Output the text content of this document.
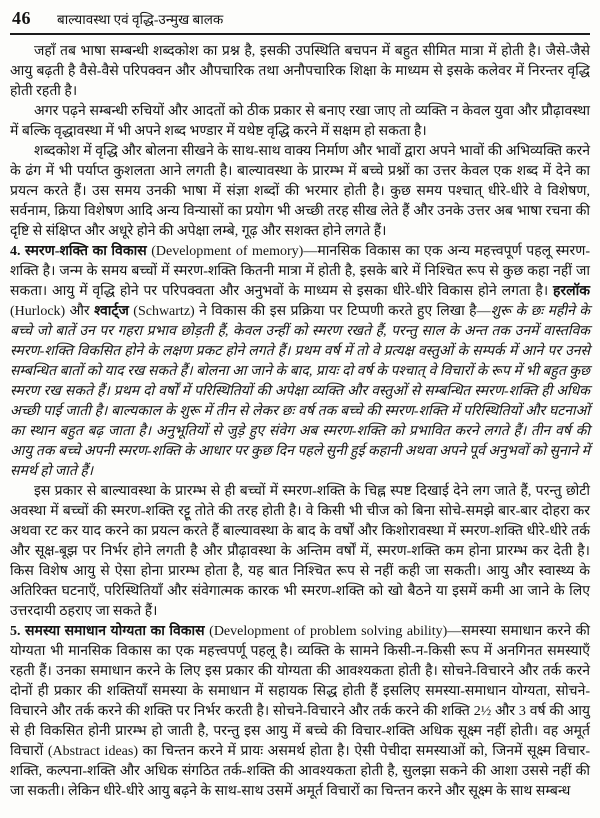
46 बाल्यावस्था एवं वृद्धि-उन्मुख बालक

जहाँ तब भाषा सम्बन्धी शब्दकोश का प्रश्न है, इसकी उपस्थिति बचपन में बहुत सीमित मात्रा में होती है। जैसे-जैसे आयु बढ़ती है वैसे-वैसे परिपक्वन और औपचारिक तथा अनौपचारिक शिक्षा के माध्यम से इसके कलेवर में निरन्तर वृद्धि होती रहती है।

अगर पढ़ने सम्बन्धी रुचियों और आदतों को ठीक प्रकार से बनाए रखा जाए तो व्यक्ति न केवल युवा और प्रौढ़ावस्था में बल्कि वृद्धावस्था में भी अपने शब्द भण्डार में यथेष्ट वृद्धि करने में सक्षम हो सकता है।

शब्दकोश में वृद्धि और बोलना सीखने के साथ-साथ वाक्य निर्माण और भावों द्वारा अपने भावों की अभिव्यक्ति करने के ढंग में भी पर्याप्त कुशलता आने लगती है। बाल्यावस्था के प्रारम्भ में बच्चे प्रश्नों का उत्तर केवल एक शब्द में देने का प्रयत्न करते हैं। उस समय उनकी भाषा में संज्ञा शब्दों की भरमार होती है। कुछ समय पश्चात् धीरे-धीरे वे विशेषण, सर्वनाम, क्रिया विशेषण आदि अन्य विन्यासों का प्रयोग भी अच्छी तरह सीख लेते हैं और उनके उत्तर अब भाषा रचना की दृष्टि से संक्षिप्त और अधूरे होने की अपेक्षा लम्बे, गूढ़ और सशक्त होने लगते हैं।

4. स्मरण-शक्ति का विकास (Development of memory)—मानसिक विकास का एक अन्य महत्त्वपूर्ण पहलू स्मरण-शक्ति है। जन्म के समय बच्चों में स्मरण-शक्ति कितनी मात्रा में होती है, इसके बारे में निश्चित रूप से कुछ कहा नहीं जा सकता। आयु में वृद्धि होने पर परिपक्वता और अनुभवों के माध्यम से इसका धीरे-धीरे विकास होने लगता है। हरलॉक (Hurlock) और श्वार्ट्ज (Schwartz) ने विकास की इस प्रक्रिया पर टिप्पणी करते हुए लिखा है—शुरू के छः महीने के बच्चे जो बातें उन पर गहरा प्रभाव छोड़ती हैं, केवल उन्हीं को स्मरण रखते हैं, परन्तु साल के अन्त तक उनमें वास्तविक स्मरण-शक्ति विकसित होने के लक्षण प्रकट होने लगते हैं। प्रथम वर्ष में तो वे प्रत्यक्ष वस्तुओं के सम्पर्क में आने पर उनसे सम्बन्धित बातों को याद रख सकते हैं। बोलना आ जाने के बाद, प्रायः दो वर्ष के पश्चात् वे विचारों के रूप में भी बहुत कुछ स्मरण रख सकते हैं। प्रथम दो वर्षों में परिस्थितियों की अपेक्षा व्यक्ति और वस्तुओं से सम्बन्धित स्मरण-शक्ति ही अधिक अच्छी पाई जाती है। बाल्यकाल के शुरू में तीन से लेकर छः वर्ष तक बच्चे की स्मरण-शक्ति में परिस्थितियों और घटनाओं का स्थान बहुत बढ़ जाता है। अनुभूतियों से जुड़े हुए संवेग अब स्मरण-शक्ति को प्रभावित करने लगते हैं। तीन वर्ष की आयु तक बच्चे अपनी स्मरण-शक्ति के आधार पर कुछ दिन पहले सुनी हुई कहानी अथवा अपने पूर्व अनुभवों को सुनाने में समर्थ हो जाते हैं।

इस प्रकार से बाल्यावस्था के प्रारम्भ से ही बच्चों में स्मरण-शक्ति के चिह्न स्पष्ट दिखाई देने लग जाते हैं, परन्तु छोटी अवस्था में बच्चों की स्मरण-शक्ति रट्टू तोते की तरह होती है। वे किसी भी चीज को बिना सोचे-समझे बार-बार दोहरा कर अथवा रट कर याद करने का प्रयत्न करते हैं बाल्यावस्था के बाद के वर्षों और किशोरावस्था में स्मरण-शक्ति धीरे-धीरे तर्क और सूक्ष-बूझ पर निर्भर होने लगती है और प्रौढ़ावस्था के अन्तिम वर्षों में, स्मरण-शक्ति कम होना प्रारम्भ कर देती है। किस विशेष आयु से ऐसा होना प्रारम्भ होता है, यह बात निश्चित रूप से नहीं कही जा सकती। आयु और स्वास्थ्य के अतिरिक्त घटनाएँ, परिस्थितियाँ और संवेगात्मक कारक भी स्मरण-शक्ति को खो बैठने या इसमें कमी आ जाने के लिए उत्तरदायी ठहराए जा सकते हैं।

5. समस्या समाधान योग्यता का विकास (Development of problem solving ability)—समस्या समाधान करने की योग्यता भी मानसिक विकास का एक महत्त्वपर्णू पहलू है। व्यक्ति के सामने किसी-न-किसी रूप में अनगिनत समस्याएँ रहती हैं। उनका समाधान करने के लिए इस प्रकार की योग्यता की आवश्यकता होती है। सोचने-विचारने और तर्क करने दोनों ही प्रकार की शक्तियाँ समस्या के समाधान में सहायक सिद्ध होती हैं इसलिए समस्या-समाधान योग्यता, सोचने-विचारने और तर्क करने की शक्ति पर निर्भर करती है। सोचने-विचारने और तर्क करने की शक्ति 2½ और 3 वर्ष की आयु से ही विकसित होनी प्रारम्भ हो जाती है, परन्तु इस आयु में बच्चे की विचार-शक्ति अधिक सूक्ष्म नहीं होती। वह अमूर्त विचारों (Abstract ideas) का चिन्तन करने में प्रायः असमर्थ होता है। ऐसी पेचीदा समस्याओं को, जिनमें सूक्ष्म विचार-शक्ति, कल्पना-शक्ति और अधिक संगठित तर्क-शक्ति की आवश्यकता होती है, सुलझा सकने की आशा उससे नहीं की जा सकती। लेकिन धीरे-धीरे आयु बढ़ने के साथ-साथ उसमें अमूर्त विचारों का चिन्तन करने और सूक्ष्म के साथ सम्बन्ध
